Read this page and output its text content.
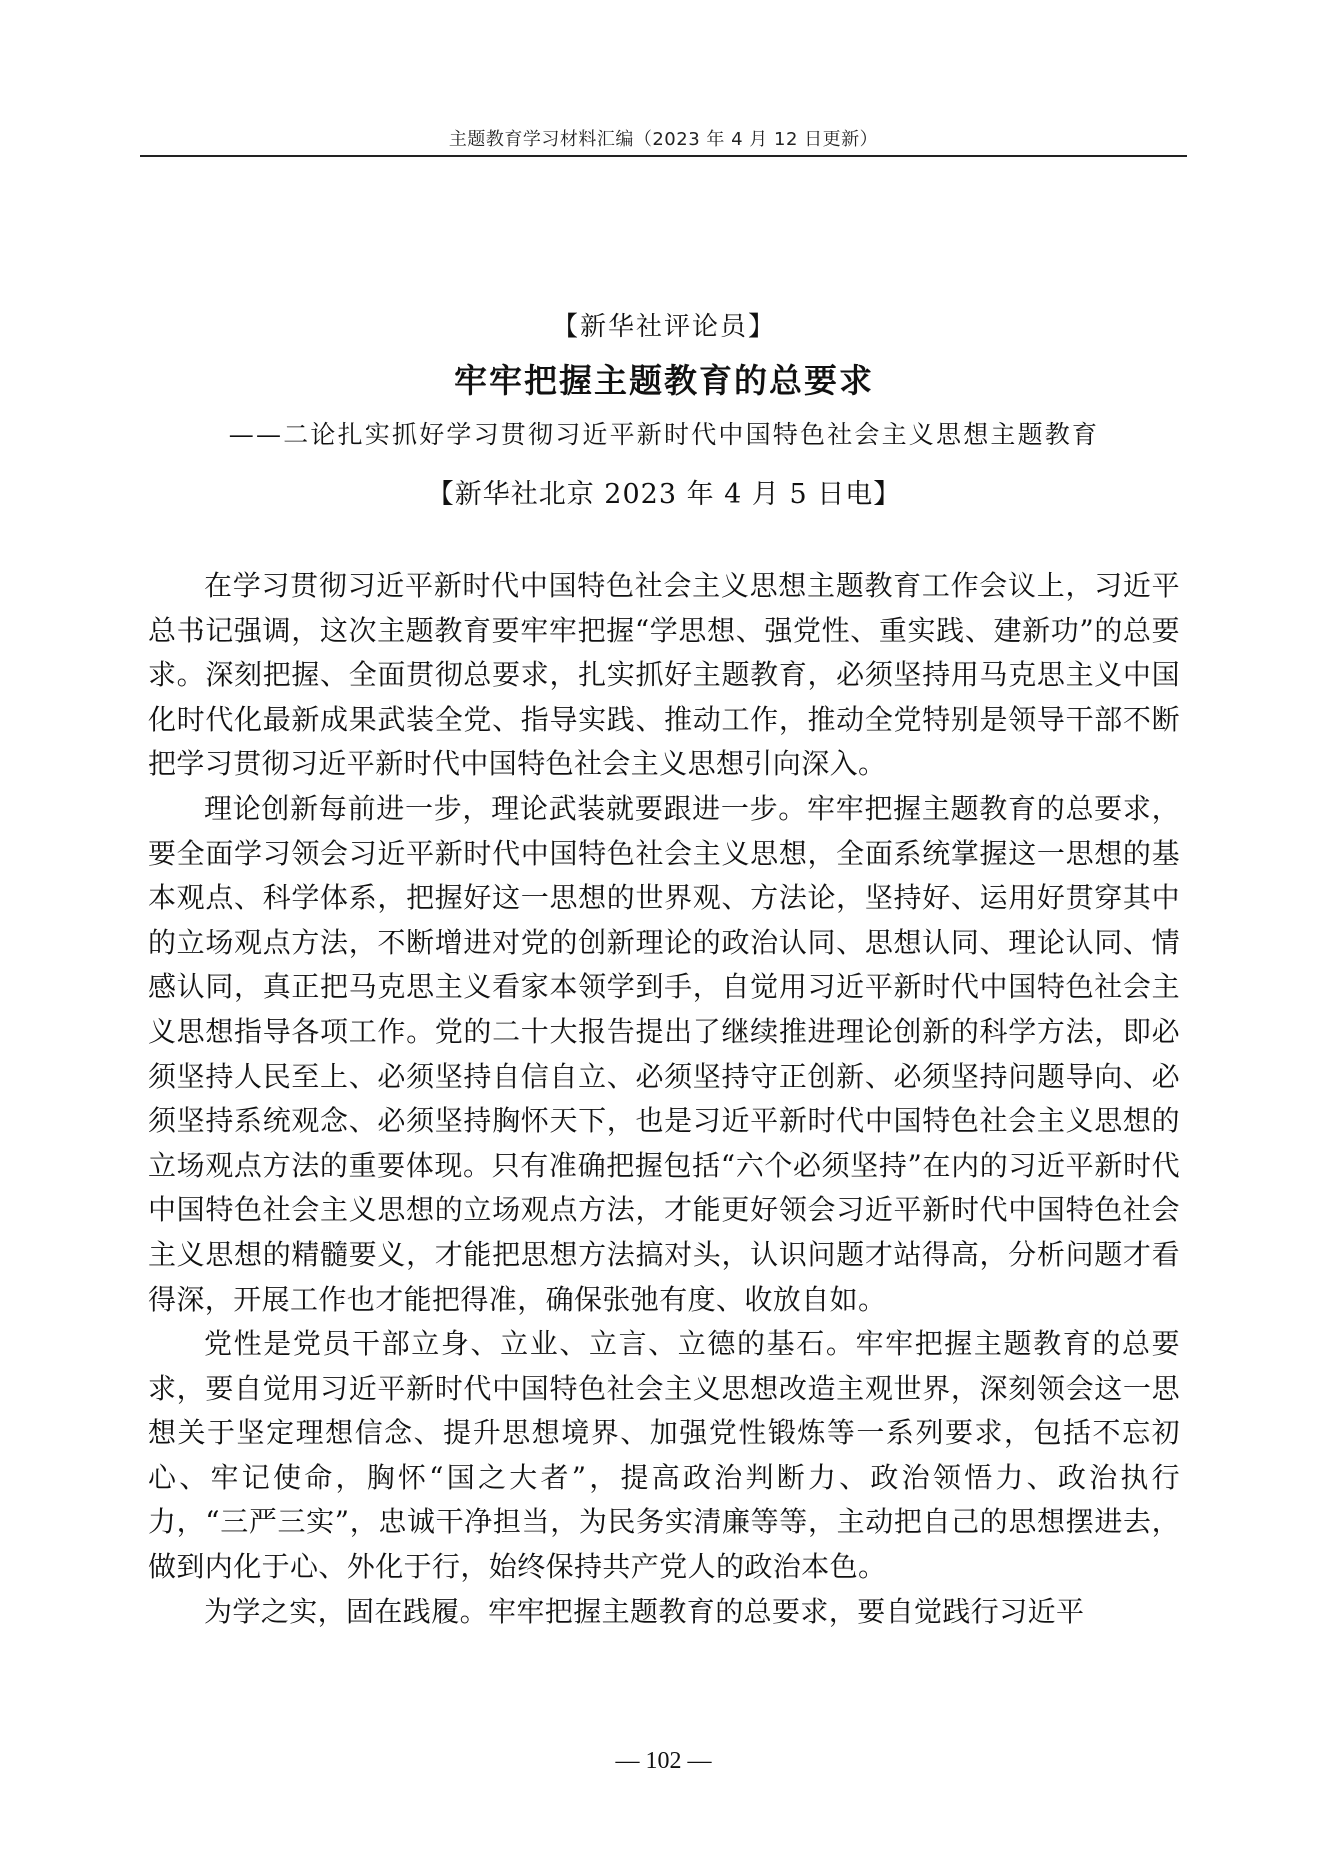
主题教育学习材料汇编（2023 年 4 月 12 日更新）
【新华社评论员】
牢牢把握主题教育的总要求
——二论扎实抓好学习贯彻习近平新时代中国特色社会主义思想主题教育
【新华社北京 2023 年 4 月 5 日电】

在学习贯彻习近平新时代中国特色社会主义思想主题教育工作会议上，习近平总书记强调，这次主题教育要牢牢把握“学思想、强党性、重实践、建新功”的总要求。深刻把握、全面贯彻总要求，扎实抓好主题教育，必须坚持用马克思主义中国化时代化最新成果武装全党、指导实践、推动工作，推动全党特别是领导干部不断把学习贯彻习近平新时代中国特色社会主义思想引向深入。

理论创新每前进一步，理论武装就要跟进一步。牢牢把握主题教育的总要求，要全面学习领会习近平新时代中国特色社会主义思想，全面系统掌握这一思想的基本观点、科学体系，把握好这一思想的世界观、方法论，坚持好、运用好贯穿其中的立场观点方法，不断增进对党的创新理论的政治认同、思想认同、理论认同、情感认同，真正把马克思主义看家本领学到手，自觉用习近平新时代中国特色社会主义思想指导各项工作。党的二十大报告提出了继续推进理论创新的科学方法，即必须坚持人民至上、必须坚持自信自立、必须坚持守正创新、必须坚持问题导向、必须坚持系统观念、必须坚持胸怀天下，也是习近平新时代中国特色社会主义思想的立场观点方法的重要体现。只有准确把握包括“六个必须坚持”在内的习近平新时代中国特色社会主义思想的立场观点方法，才能更好领会习近平新时代中国特色社会主义思想的精髓要义，才能把思想方法搞对头，认识问题才站得高，分析问题才看得深，开展工作也才能把得准，确保张弛有度、收放自如。

党性是党员干部立身、立业、立言、立德的基石。牢牢把握主题教育的总要求，要自觉用习近平新时代中国特色社会主义思想改造主观世界，深刻领会这一思想关于坚定理想信念、提升思想境界、加强党性锻炼等一系列要求，包括不忘初心、牢记使命，胸怀“国之大者”，提高政治判断力、政治领悟力、政治执行力，“三严三实”，忠诚干净担当，为民务实清廉等等，主动把自己的思想摆进去，做到内化于心、外化于行，始终保持共产党人的政治本色。

为学之实，固在践履。牢牢把握主题教育的总要求，要自觉践行习近平

— 102 —
